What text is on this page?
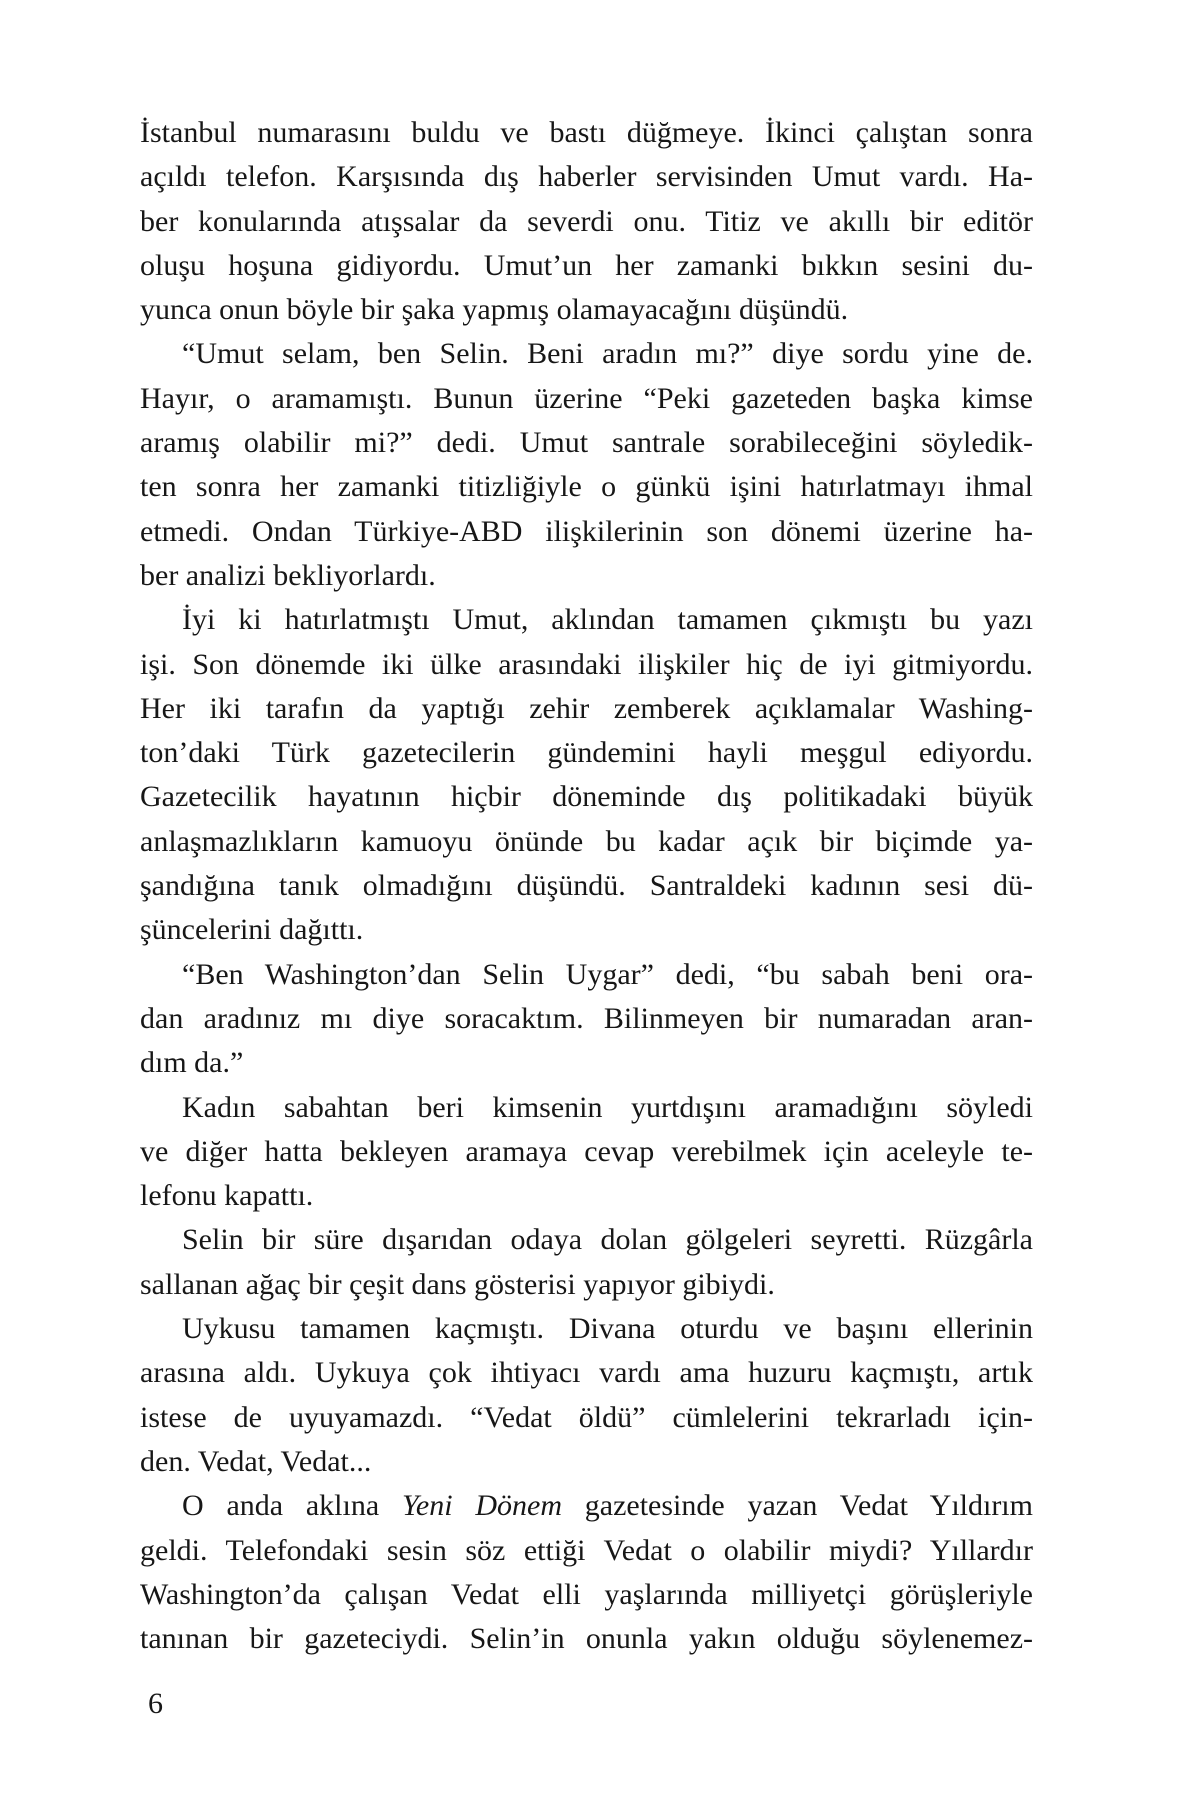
İstanbul numarasını buldu ve bastı düğmeye. İkinci çalıştan sonra
açıldı telefon. Karşısında dış haberler servisinden Umut vardı. Ha-
ber konularında atışsalar da severdi onu. Titiz ve akıllı bir editör
oluşu hoşuna gidiyordu. Umut’un her zamanki bıkkın sesini du-
yunca onun böyle bir şaka yapmış olamayacağını düşündü.
“Umut selam, ben Selin. Beni aradın mı?” diye sordu yine de.
Hayır, o aramamıştı. Bunun üzerine “Peki gazeteden başka kimse
aramış olabilir mi?” dedi. Umut santrale sorabileceğini söyledik-
ten sonra her zamanki titizliğiyle o günkü işini hatırlatmayı ihmal
etmedi. Ondan Türkiye-ABD ilişkilerinin son dönemi üzerine ha-
ber analizi bekliyorlardı.
İyi ki hatırlatmıştı Umut, aklından tamamen çıkmıştı bu yazı
işi. Son dönemde iki ülke arasındaki ilişkiler hiç de iyi gitmiyordu.
Her iki tarafın da yaptığı zehir zemberek açıklamalar Washing-
ton’daki Türk gazetecilerin gündemini hayli meşgul ediyordu.
Gazetecilik hayatının hiçbir döneminde dış politikadaki büyük
anlaşmazlıkların kamuoyu önünde bu kadar açık bir biçimde ya-
şandığına tanık olmadığını düşündü. Santraldeki kadının sesi dü-
şüncelerini dağıttı.
“Ben Washington’dan Selin Uygar” dedi, “bu sabah beni ora-
dan aradınız mı diye soracaktım. Bilinmeyen bir numaradan aran-
dım da.”
Kadın sabahtan beri kimsenin yurtdışını aramadığını söyledi
ve diğer hatta bekleyen aramaya cevap verebilmek için aceleyle te-
lefonu kapattı.
Selin bir süre dışarıdan odaya dolan gölgeleri seyretti. Rüzgârla
sallanan ağaç bir çeşit dans gösterisi yapıyor gibiydi.
Uykusu tamamen kaçmıştı. Divana oturdu ve başını ellerinin
arasına aldı. Uykuya çok ihtiyacı vardı ama huzuru kaçmıştı, artık
istese de uyuyamazdı. “Vedat öldü” cümlelerini tekrarladı için-
den. Vedat, Vedat...
O anda aklına Yeni Dönem gazetesinde yazan Vedat Yıldırım
geldi. Telefondaki sesin söz ettiği Vedat o olabilir miydi? Yıllardır
Washington’da çalışan Vedat elli yaşlarında milliyetçi görüşleriyle
tanınan bir gazeteciydi. Selin’in onunla yakın olduğu söylenemez-
6
